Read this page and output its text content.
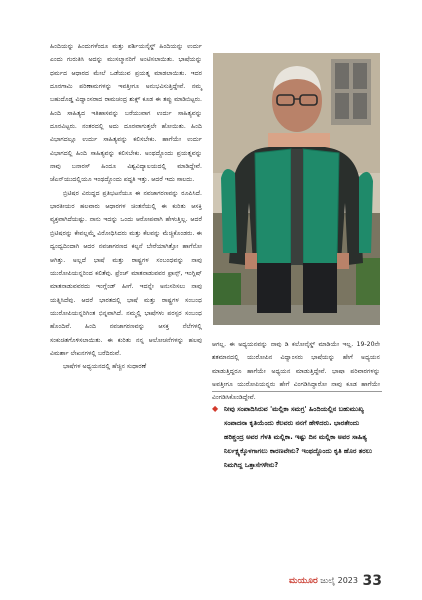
ಹಿಂದಿಯನ್ನು ಹಿಂದುಗಳೆಂದೂ ಮತ್ತು ಪರ್ಶಿಯನೈಸ್ಡ್ ಹಿಂದಿಯನ್ನು ಉರ್ದು ಎಂದು ಗುರುತಿಸಿ ಅದನ್ನು ಮುಸಲ್ಮಾನರಿಗೆ ಅಂಟಿಸಲಾಯಿತು. ಭಾಷೆಯನ್ನು ಧರ್ಮದ ಆಧಾರದ ಮೇಲೆ ಒಡೆಯುವ ಪ್ರಯತ್ನ ಮಾಡಲಾಯಿತು. ಇದರ ದೂರಗಾಮಿ ಪರಿಣಾಮಗಳನ್ನು ಇವತ್ತೀಗೂ ಅನುಭವಿಸುತ್ತಿದ್ದೇವೆ. ನಮ್ಮ ಬಹುದೊಡ್ಡ ವಿದ್ವಾಂಸರಾದ ರಾಮಚಂದ್ರ ಶುಕ್ಲ್ ಕೂಡ ಈ ತಪ್ಪು ಮಾಡಿಬಿಟ್ಟರು. ಹಿಂದಿ ಸಾಹಿತ್ಯದ ಇತಿಹಾಸವನ್ನು ಬರೆಯುವಾಗ ಉರ್ದು ಸಾಹಿತ್ಯವನ್ನು ದೂರವಿಟ್ಟರು. ನಂತರದಲ್ಲಿ ಅದು ದೂರವಾಗುತ್ತಲೇ ಹೋಯಿತು. ಹಿಂದಿ ವಿಭಾಗದಲ್ಲೂ ಉರ್ದು ಸಾಹಿತ್ಯವನ್ನು ಕಲಿಸಬೇಕು. ಹಾಗೆಯೇ ಉರ್ದು ವಿಭಾಗದಲ್ಲಿ ಹಿಂದಿ ಸಾಹಿತ್ಯವನ್ನು ಕಲಿಸಬೇಕು. ಅಂಥದ್ದೊಂದು ಪ್ರಯತ್ನವನ್ನು ನಾವು ಬನಾರಸ್ ಹಿಂದೂ ವಿಶ್ವವಿದ್ಯಾಲಯದಲ್ಲಿ ಮಾಡಿದ್ದೇವೆ. ಜೆಎನ್‌ಯುದಲ್ಲಿಯೂ ಇಂಥದ್ದೊಂದು ಪದ್ಧತಿ ಇತ್ತು. ಆದರೆ ಇದು ಸಾಲದು.

ಬ್ರಿಟಿಷರ ವಿರುದ್ಧದ ಪ್ರತಿಭಟನೆಯೂ ಈ ನವಜಾಗರಣವನ್ನು ರೂಪಿಸಿದೆ. ಭಾರತೀಯರ ಹಲವಾರು ಆಧಾರಗಳ ಚಿಂತನೆಯಲ್ಲಿ ಈ ಕುರಿತು ಆಸಕ್ತಿ ವ್ಯಕ್ತವಾಗಿದೆಯಷ್ಟು. ನಾನು ಇದನ್ನು ಒಂದು ಆರೋಪವಾಗಿ ಹೇಳುತ್ತಿಲ್ಲ. ಆದರೆ ಬ್ರಿಟಿಷರನ್ನು ಕೇವಲ್ಲಮ್ಮೆ ವಿರೋಧಿಸಿದರು ಮತ್ತು ಕೆಲವನ್ನು ಮೆಚ್ಚಿಕೊಂಡರು. ಈ ದ್ವಂದ್ವದಿಂದಾಗಿ ಆದರ ನವಜಾಗರಣದ ಕಲ್ಪನೆ ಬೇರೆಯಾಗಿತ್ತೋ ಹಾಗೆನೋ ಆಗಿತ್ತು. ಅಲ್ಲದೆ ಭಾಷೆ ಮತ್ತು ರಾಷ್ಟ್ರಗಳ ಸಂಬಂಧವನ್ನು ನಾವು ಯುರೋಪಿಯನ್ನರಿಂದ ಕಲಿತೆವು. ಫ್ರೆಂಚ್ ಮಾತನಾಡುವವರ ಫ್ರಾನ್ಸ್, ಇಂಗ್ಲಿಷ್ ಮಾತನಾಡುವವರದು ಇಂಗ್ಲೆಂಡ್ ಹೀಗೆ. ಇದನ್ನೇ ಅನುಸರಿಸಲು ನಾವು ಯತ್ನಿಸಿದೆವು. ಆದರೆ ಭಾರತದಲ್ಲಿ ಭಾಷೆ ಮತ್ತು ರಾಷ್ಟ್ರಗಳ ಸಂಬಂಧ ಯುರೋಪಿಯನ್ನರಿಗಿಂತ ಭಿನ್ನವಾಗಿದೆ. ನಮ್ಮಲ್ಲಿ ಭಾಷೆಗಳು ಪರಸ್ಪರ ಸಂಬಂಧ ಹೊಂದಿವೆ. ಹಿಂದಿ ನವಜಾಗರಣವನ್ನು ಆಸಕ್ತ ನೆಲೆಗಳಲ್ಲಿ ಸಂಕುಚಿತಗೊಳಿಸಲಾಯಿತು. ಈ ಕುರಿತು ನನ್ನ ಆಲೋಚನೆಗಳನ್ನು ಹಲವು ವಿಮರ್ಶಾ ಲೇಖನಗಳಲ್ಲಿ ಬರೆದಿರುವೆ.

ಭಾಷೆಗಳ ಅಧ್ಯಯನದಲ್ಲಿ ಹೆಚ್ಚಿನ ಸುಧಾರಣೆ

ಆಗಲ್ಲ. ಈ ಅಧ್ಯಯನವನ್ನು ನಾವು ಡಿ ಕಲೋನೈಸ್ಡ್ ಮಾಡಿಯೇ ಇಲ್ಲ. 19-20ನೇ ಶತಮಾನದಲ್ಲಿ ಯುರೋಪಿನ ವಿದ್ವಾಂಸರು ಭಾಷೆಯನ್ನು ಹೇಗೆ ಅಧ್ಯಯನ ಮಾಡುತ್ತಿದ್ದರೂ ಹಾಗೆಯೇ ಅಧ್ಯಯನ ಮಾಡುತ್ತಿದ್ದೇವೆ. ಭಾಷಾ ಪರಿವಾರಗಳನ್ನು ಅವತ್ತೀಗೂ ಯುರೋಪಿಯನ್ನರು ಹೇಗೆ ವಿಂಗಡಿಸಿದ್ದಾರೋ ನಾವು ಕೂಡ ಹಾಗೆಯೇ ವಿಂಗಡಿಸಿಕೊಂಡಿದ್ದೇವೆ.

◆ ನೀವು ಸಂಪಾದಿಸಿರುವ 'ಮಲ್ಲಿಕಾ ಸಮಗ್ರ' ಹಿಂದಿಯಲ್ಲಿನ ಬಹುಮುಖ್ಯ ಸಂಪಾದನಾ ಕೃತಿಯೆಂದು ಕೆಲವರು ನನಗೆ ಹೇಳಿದರು. ಭಾರತೇಂದು ಹರಿಶ್ಚಂದ್ರ ಅವರ ಗೆಳತಿ ಮಲ್ಲಿಕಾ. ಇಷ್ಟು ದಿನ ಮಲ್ಲಿಕಾ ಅವರ ಸಾಹಿತ್ಯ ನಿರ್ಲಕ್ಷ್ಯಕ್ಕೊಳಗಾಗಲು ಕಾರಣವೇನು? ಇಂಥದ್ದೊಂದು ಕೃತಿ ಹೊರ ತರಲು ನಿಮಗಿದ್ದ ಒತ್ತಾಸೆಗಳೇನು?
ಮಯೂರ ಜುಲೈ 2023 33
